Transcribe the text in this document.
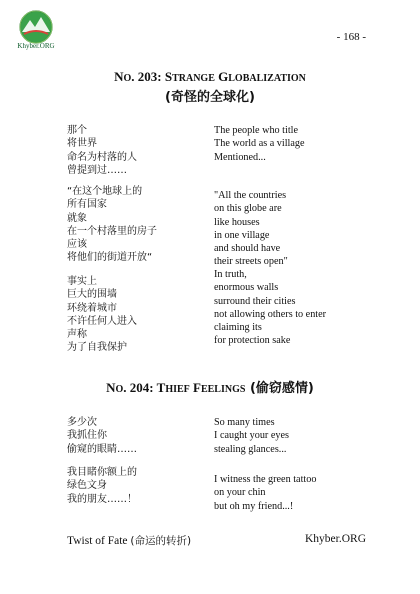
Khyber.ORG
- 168 -
NO. 203: STRANGE GLOBALIZATION
(奇怪的全球化)
那个
将世界
命名为村落的人
曾提到过……
“在这个地球上的
所有国家
就象
在一个村落里的房子
应该
将他们的街道开放“
事实上
巨大的围墙
环绕着城市
不许任何人进入
声称
为了自我保护
The people who title
The world as a village
Mentioned...
"All the countries
on this globe are
like houses
in one village
and should have
their streets open"
In truth,
enormous walls
surround their cities
not allowing others to enter
claiming its
for protection sake
NO. 204: THIEF FEELINGS (偷窃感情)
多少次
我抓住你
偷窥的眼睛……
我目睹你额上的
绿色文身
我的朋友……！
So many times
I caught your eyes
stealing glances...
I witness the green tattoo
on your chin
but oh my friend...!
Twist of Fate (命运的转折)	Khyber.ORG
